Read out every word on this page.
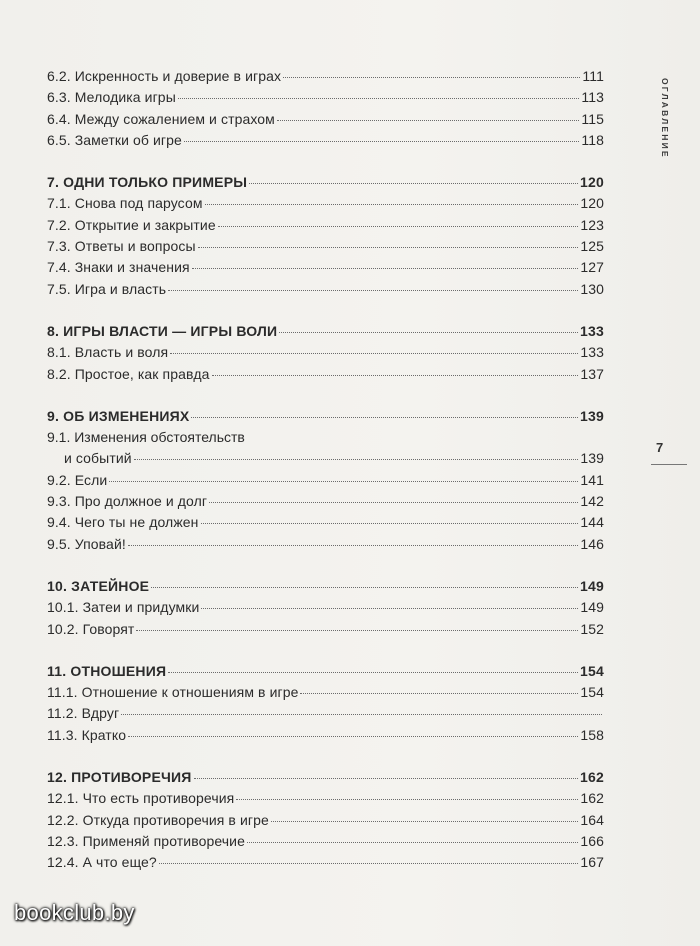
6.2. Искренность и доверие в играх	111
6.3. Мелодика игры	113
6.4. Между сожалением и страхом	115
6.5. Заметки об игре	118
7. ОДНИ ТОЛЬКО ПРИМЕРЫ	120
7.1. Снова под парусом	120
7.2. Открытие и закрытие	123
7.3. Ответы и вопросы	125
7.4. Знаки и значения	127
7.5. Игра и власть	130
8. ИГРЫ ВЛАСТИ — ИГРЫ ВОЛИ	133
8.1. Власть и воля	133
8.2. Простое, как правда	137
9. ОБ ИЗМЕНЕНИЯХ	139
9.1. Изменения обстоятельств
и событий	139
9.2. Если	141
9.3. Про должное и долг	142
9.4. Чего ты не должен	144
9.5. Уповай!	146
10. ЗАТЕЙНОЕ	149
10.1. Затеи и придумки	149
10.2. Говорят	152
11. ОТНОШЕНИЯ	154
11.1. Отношение к отношениям в игре	154
11.2. Вдруг
11.3. Кратко	158
12. ПРОТИВОРЕЧИЯ	162
12.1. Что есть противоречия	162
12.2. Откуда противоречия в игре	164
12.3. Применяй противоречие	166
12.4. А что еще?	167
ОГЛАВЛЕНИЕ
7
bookclub.by
